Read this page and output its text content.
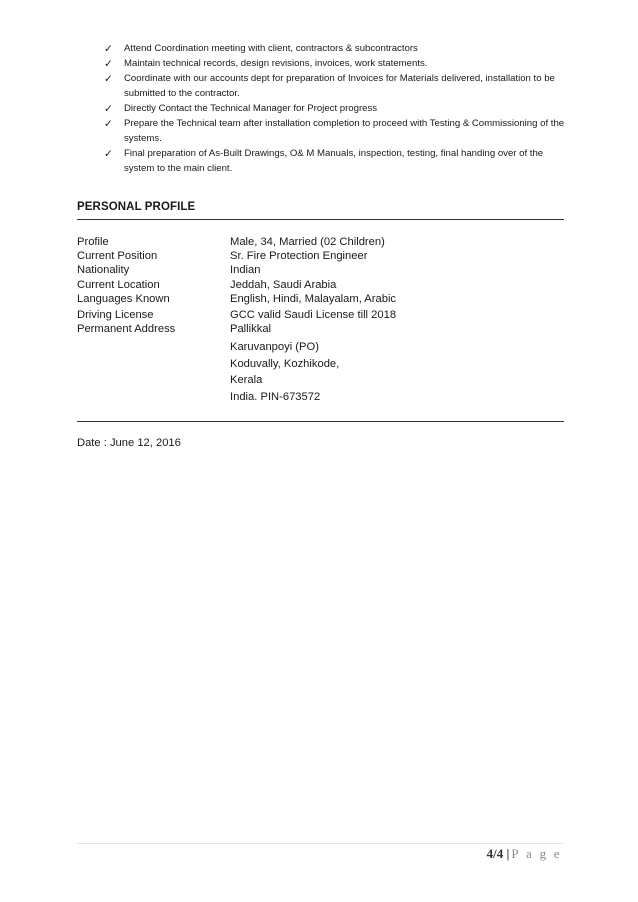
✓ Attend Coordination meeting with client, contractors & subcontractors
✓ Maintain technical records, design revisions, invoices, work statements.
✓ Coordinate with our accounts dept for preparation of Invoices for Materials delivered, installation to be submitted to the contractor.
✓ Directly Contact the Technical Manager for Project progress
✓ Prepare the Technical team after installation completion to proceed with Testing & Commissioning of the systems.
✓ Final preparation of As-Built Drawings, O& M Manuals, inspection, testing, final handing over of the system to the main client.
PERSONAL PROFILE
Profile	Male, 34, Married (02 Children)
Current Position	Sr. Fire Protection Engineer
Nationality	Indian
Current Location	Jeddah, Saudi Arabia
Languages Known	English, Hindi, Malayalam, Arabic
Driving License	GCC valid Saudi License till 2018
Permanent Address	Pallikkal
Karuvanpoyi (PO)
Koduvally, Kozhikode,
Kerala
India. PIN-673572
Date : June 12, 2016
4/4 | P a g e
